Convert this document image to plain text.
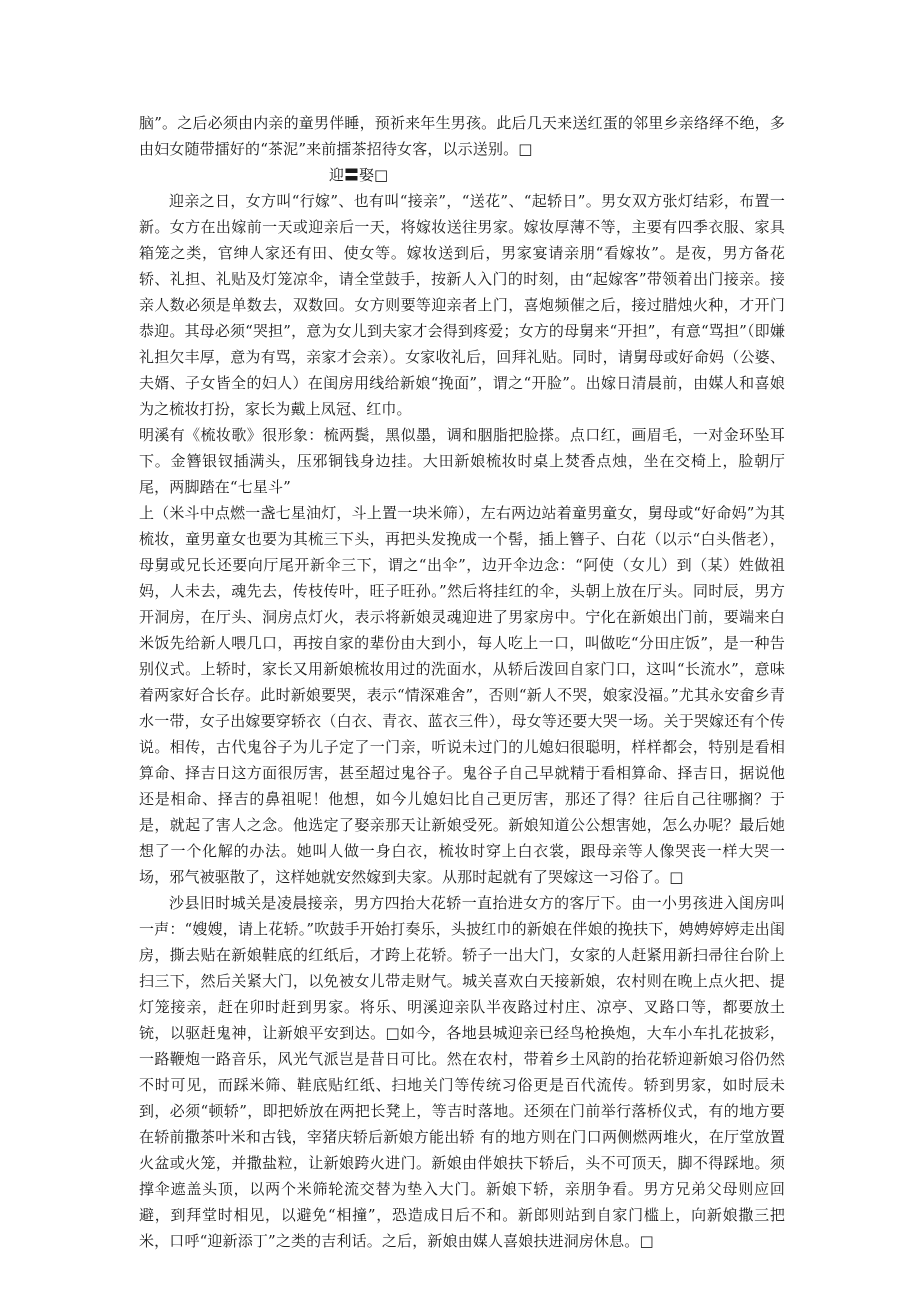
脑”。之后必须由内亲的童男伴睡，预祈来年生男孩。此后几天来送红蛋的邻里乡亲络绎不绝，多由妇女随带擂好的“茶泥”来前擂茶招待女客，以示送别。□

迎〓娶□

迎亲之日，女方叫“行嫁”、也有叫“接亲”，“送花”、“起轿日”。男女双方张灯结彩，布置一新。女方在出嫁前一天或迎亲后一天，将嫁妆送往男家。嫁妆厚薄不等，主要有四季衣服、家具箱笼之类，官绅人家还有田、使女等。嫁妆送到后，男家宴请亲朋“看嫁妆”。是夜，男方备花轿、礼担、礼贴及灯笼凉伞，请全堂鼓手，按新人入门的时刻，由“起嫁客”带领着出门接亲。接亲人数必须是单数去，双数回。女方则要等迎亲者上门，喜炮频催之后，接过腊烛火种，才开门恭迎。其母必须“哭担”，意为女儿到夫家才会得到疼爱；女方的母舅来“开担”，有意“骂担”（即嫌礼担欠丰厚，意为有骂，亲家才会亲）。女家收礼后，回拜礼贴。同时，请舅母或好命妈（公婆、夫婿、子女皆全的妇人）在闺房用线给新娘“挽面”，谓之“开脸”。出嫁日清晨前，由媒人和喜娘为之梳妆打扮，家长为戴上凤冠、红巾。

明溪有《梳妆歌》很形象：梳两鬓，黑似墨，调和胭脂把脸搽。点口红，画眉毛，一对金环坠耳下。金簪银钗插满头，压邪铜钱身边挂。大田新娘梳妆时桌上焚香点烛，坐在交椅上，脸朝厅尾，两脚踏在“七星斗”

上（米斗中点燃一盏七星油灯，斗上置一块米筛），左右两边站着童男童女，舅母或“好命妈”为其梳妆，童男童女也要为其梳三下头，再把头发挽成一个髻，插上簪子、白花（以示“白头偕老），母舅或兄长还要向厅尾开新伞三下，谓之“出伞”，边开伞边念：“阿使（女儿）到（某）姓做祖妈，人未去，魂先去，传枝传叶，旺子旺孙。”然后将挂红的伞，头朝上放在厅头。同时辰，男方开洞房，在厅头、洞房点灯火，表示将新娘灵魂迎进了男家房中。宁化在新娘出门前，要端来白米饭先给新人喂几口，再按自家的辈份由大到小，每人吃上一口，叫做吃“分田庄饭”，是一种告别仪式。上轿时，家长又用新娘梳妆用过的洗面水，从轿后泼回自家门口，这叫“长流水”，意味着两家好合长存。此时新娘要哭，表示“情深难舍”，否则“新人不哭，娘家没福。”尤其永安畲乡青水一带，女子出嫁要穿轿衣（白衣、青衣、蓝衣三件），母女等还要大哭一场。关于哭嫁还有个传说。相传，古代鬼谷子为儿子定了一门亲，听说未过门的儿媳妇很聪明，样样都会，特别是看相算命、择吉日这方面很厉害，甚至超过鬼谷子。鬼谷子自己早就精于看相算命、择吉日，据说他还是相命、择吉的鼻祖呢！他想，如今儿媳妇比自己更厉害，那还了得？往后自己往哪搁？于是，就起了害人之念。他选定了娶亲那天让新娘受死。新娘知道公公想害她，怎么办呢？最后她想了一个化解的办法。她叫人做一身白衣，梳妆时穿上白衣裳，跟母亲等人像哭丧一样大哭一场，邪气被驱散了，这样她就安然嫁到夫家。从那时起就有了哭嫁这一习俗了。□

沙县旧时城关是凌晨接亲，男方四抬大花轿一直抬进女方的客厅下。由一小男孩进入闺房叫一声：“嫂嫂，请上花轿。”吹鼓手开始打奏乐，头披红巾的新娘在伴娘的挽扶下，娉娉婷婷走出闺房，撕去贴在新娘鞋底的红纸后，才跨上花轿。轿子一出大门，女家的人赶紧用新扫帚往台阶上扫三下，然后关紧大门，以免被女儿带走财气。城关喜欢白天接新娘，农村则在晚上点火把、提灯笼接亲，赶在卯时赶到男家。将乐、明溪迎亲队半夜路过村庄、凉亭、叉路口等，都要放土铳，以驱赶鬼神，让新娘平安到达。□如今，各地县城迎亲已经鸟枪换炮，大车小车扎花披彩，一路鞭炮一路音乐，风光气派岂是昔日可比。然在农村，带着乡土风韵的抬花轿迎新娘习俗仍然不时可见，而踩米筛、鞋底贴红纸、扫地关门等传统习俗更是百代流传。轿到男家，如时辰未到，必须“顿轿”，即把娇放在两把长凳上，等吉时落地。还须在门前举行落桥仪式，有的地方要在轿前撒茶叶米和古钱，宰猪庆轿后新娘方能出轿 有的地方则在门口两侧燃两堆火，在厅堂放置火盆或火笼，并撒盐粒，让新娘跨火进门。新娘由伴娘扶下轿后，头不可顶天，脚不得踩地。须撑伞遮盖头顶，以两个米筛轮流交替为垫入大门。新娘下轿，亲朋争看。男方兄弟父母则应回避，到拜堂时相见，以避免“相撞”，恐造成日后不和。新郎则站到自家门槛上，向新娘撒三把米，口呼“迎新添丁”之类的吉利话。之后，新娘由媒人喜娘扶进洞房休息。□
